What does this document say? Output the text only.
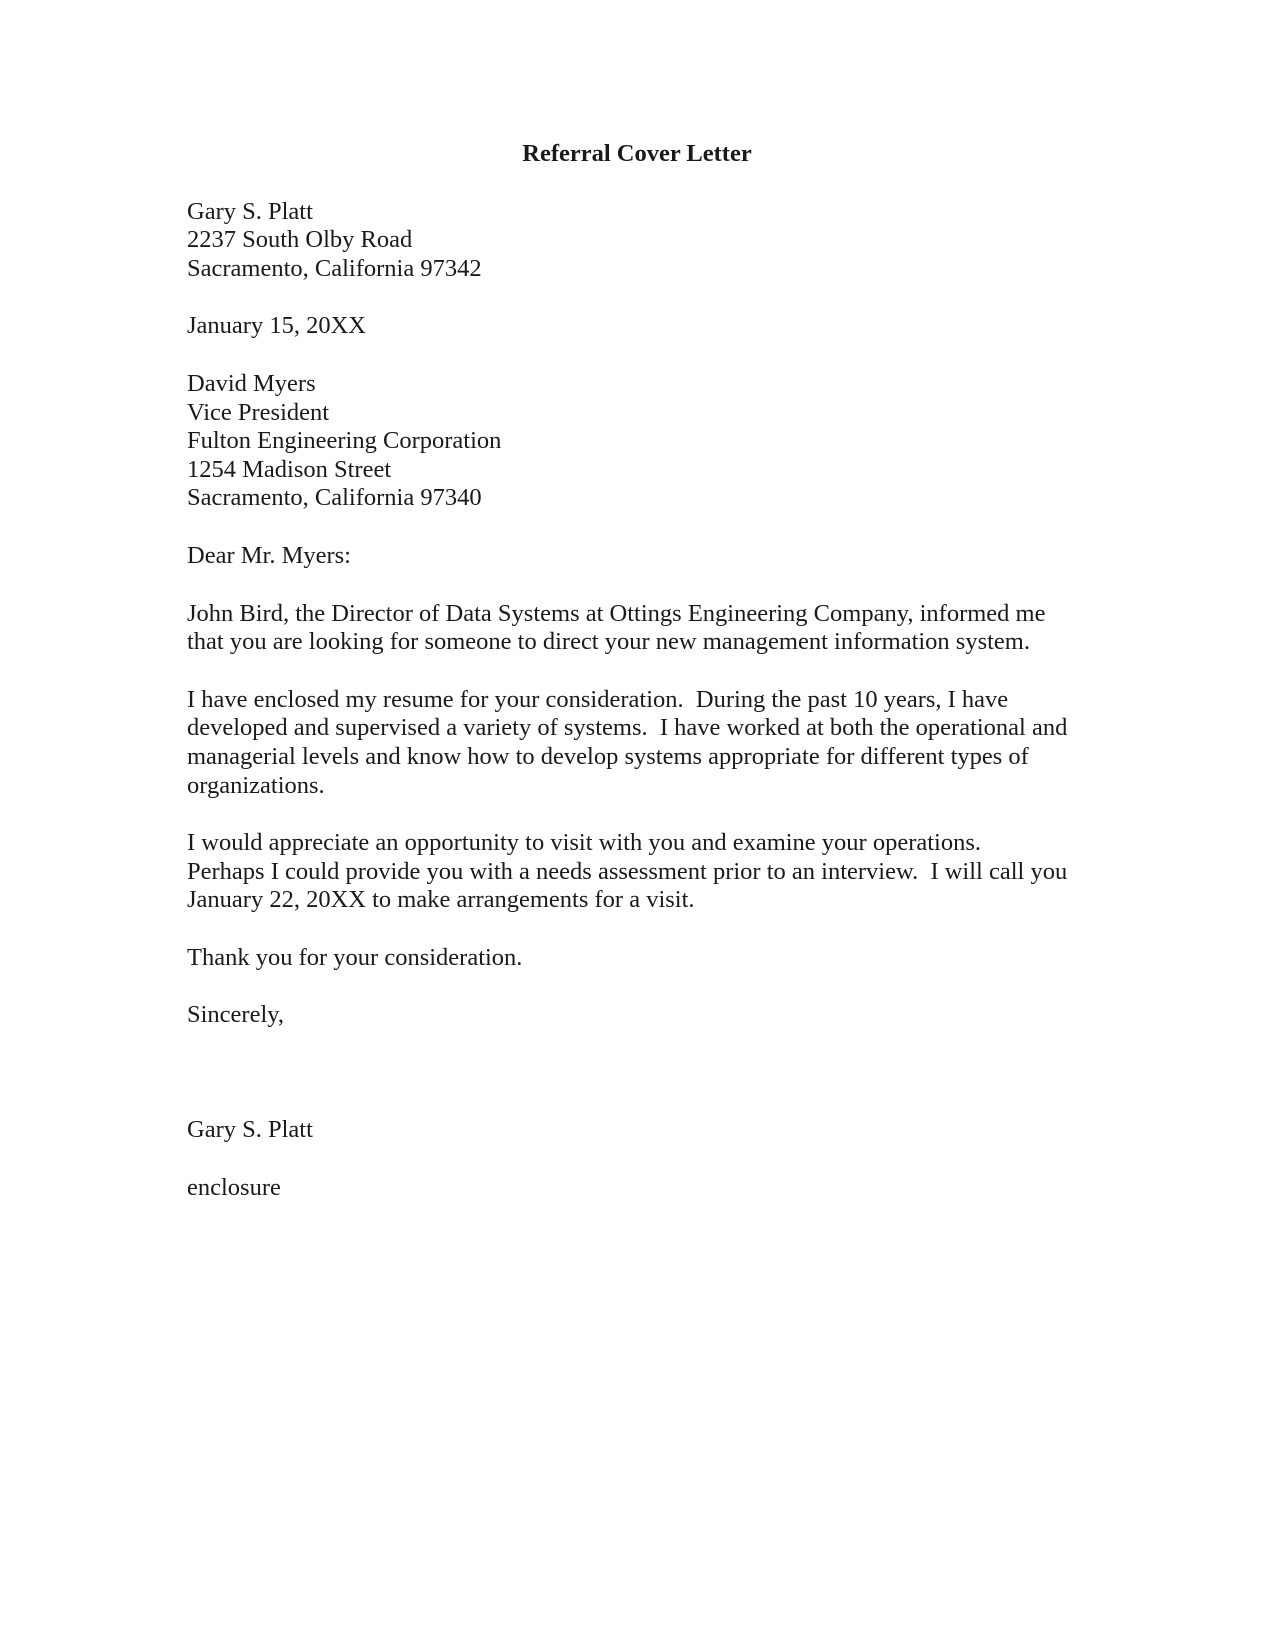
Referral Cover Letter
Gary S. Platt
2237 South Olby Road
Sacramento, California 97342
January 15, 20XX
David Myers
Vice President
Fulton Engineering Corporation
1254 Madison Street
Sacramento, California 97340
Dear Mr. Myers:
John Bird, the Director of Data Systems at Ottings Engineering Company, informed me
that you are looking for someone to direct your new management information system.
I have enclosed my resume for your consideration.  During the past 10 years, I have
developed and supervised a variety of systems.  I have worked at both the operational and
managerial levels and know how to develop systems appropriate for different types of
organizations.
I would appreciate an opportunity to visit with you and examine your operations.
Perhaps I could provide you with a needs assessment prior to an interview.  I will call you
January 22, 20XX to make arrangements for a visit.
Thank you for your consideration.
Sincerely,
Gary S. Platt
enclosure
